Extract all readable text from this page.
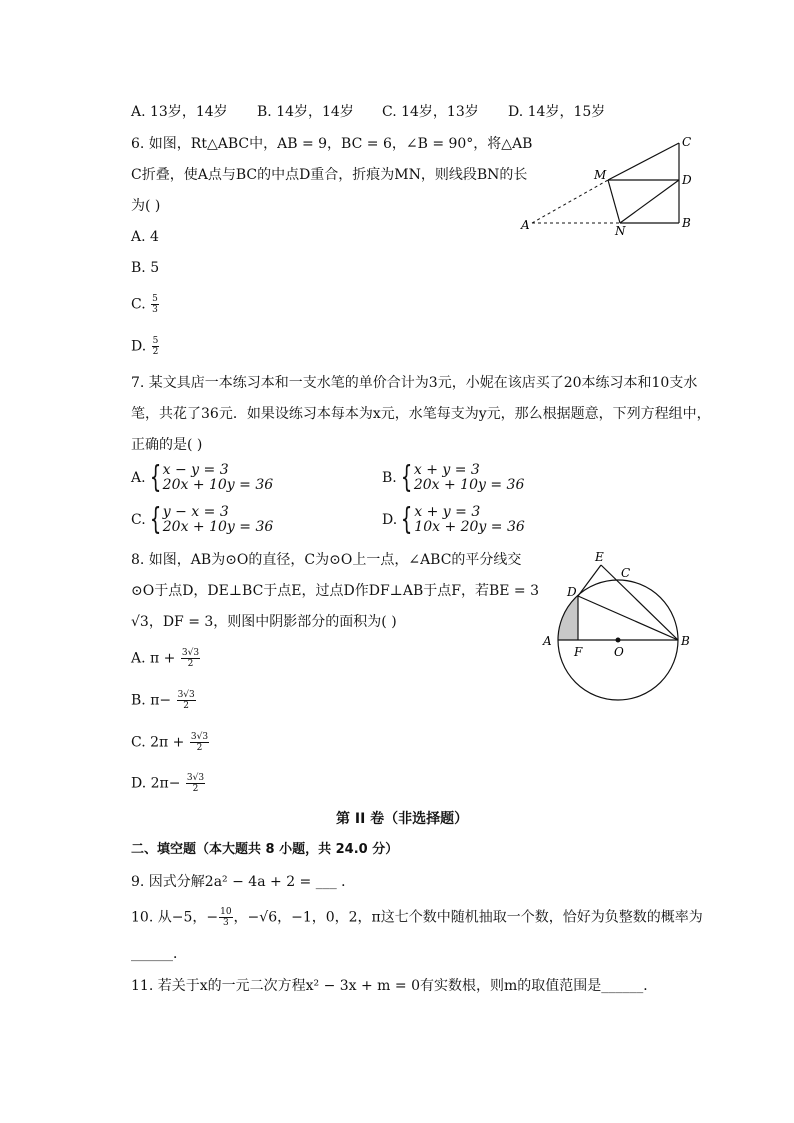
A. 13岁，14岁 B. 14岁，14岁 C. 14岁，13岁 D. 14岁，15岁
6. 如图，Rt△ABC中，AB = 9，BC = 6，∠B = 90°，将△AB
C折叠，使A点与BC的中点D重合，折痕为MN，则线段BN的长
为( )
A. 4
B. 5
C. $\frac{5}{3}$
D. $\frac{5}{2}$
A	B
C
D
M
N
7. 某文具店一本练习本和一支水笔的单价合计为3元，小妮在该店买了20本练习本和10支水
笔，共花了36元．如果设练习本每本为x元，水笔每支为y元，那么根据题意，下列方程组中，
正确的是( )
A. { x − y = 3
20x + 10y = 36	B. { x + y = 3
20x + 10y = 36
C. { y − x = 3
20x + 10y = 36	D. { x + y = 3
10x + 20y = 36
8. 如图，AB为⊙O的直径，C为⊙O上一点，∠ABC的平分线交
⊙O于点D，DE⊥BC于点E，过点D作DF⊥AB于点F，若BE = 3
√3，DF = 3，则图中阴影部分的面积为( )
A. $\pi + \frac{3√3}{2}$
B. $\pi- \frac{3√3}{2}$
C. $2\pi + \frac{3√3}{2}$
D. $2\pi- \frac{3√3}{2}$
A	B
C
D
E
F	O
第 II 卷（非选择题）
二、填空题（本大题共 8 小题，共 24.0 分）
9. 因式分解2a² − 4a + 2 = ___ ．
10. 从−5，− $\frac{10}{3}$ ，−√6，−1，0，2，π这七个数中随机抽取一个数，恰好为负整数的概率为
______．
11. 若关于x的一元二次方程x² − 3x + m = 0有实数根，则m的取值范围是______．
